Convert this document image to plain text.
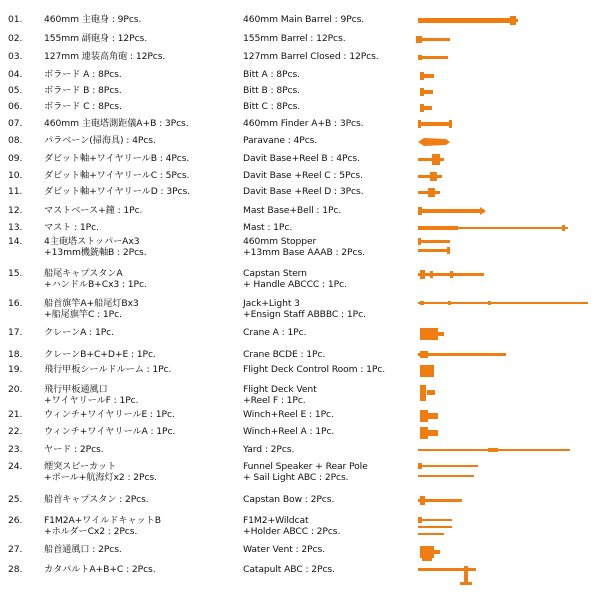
01. 460mm 主砲身 : 9Pcs.	460mm Main Barrel : 9Pcs.
02. 155mm 副砲身 : 12Pcs.	155mm Barrel : 12Pcs.
03. 127mm 連装高角砲 : 12Pcs.	127mm Barrel Closed : 12Pcs.
04. ボラード A : 8Pcs.	Bitt A : 8Pcs.
05. ボラード B : 8Pcs.	Bitt B : 8Pcs.
06. ボラード C : 8Pcs.	Bitt C : 8Pcs.
07. 460mm 主砲塔測距儀A+B : 3Pcs.	460mm Finder A+B : 3Pcs.
08. パラベーン(掃海具) : 4Pcs.	Paravane : 4Pcs.
09. ダビット軸+ワイヤリールB : 4Pcs.	Davit Base+Reel B : 4Pcs.
10. ダビット軸+ワイヤリールC : 5Pcs.	Davit Base +Reel C : 5Pcs.
11. ダビット軸+ワイヤリールD : 3Pcs.	Davit Base +Reel D : 3Pcs.
12. マストベース+鐘 : 1Pc.	Mast Base+Bell : 1Pc.
13. マスト : 1Pc.	Mast : 1Pc.
14. 4主砲塔ストッパーAx3
+13mm機銃軸B : 2Pcs.
460mm Stopper
+13mm Base AAAB : 2Pcs.
15. 船尾キャプスタンA
+ハンドルB+Cx3 : 1Pc.
Capstan Stern
+ Handle ABCCC : 1Pc.
16. 船首旗竿A+船尾灯Bx3
+船尾旗竿C : 1Pc.
Jack+Light 3
+Ensign Staff ABBBC : 1Pc.
17. クレーンA : 1Pc.	Crane A : 1Pc.
18. クレーンB+C+D+E : 1Pc.	Crane BCDE : 1Pc.
19. 飛行甲板シールドルーム : 1Pc.	Flight Deck Control Room : 1Pc.
20. 飛行甲板通風口
+ワイヤリールF : 1Pc.
Flight Deck Vent
+Reel F : 1Pc.
21. ウィンチ+ワイヤリールE : 1Pc.	Winch+Reel E : 1Pc.
22. ウィンチ+ワイヤリールA : 1Pc.	Winch+Reel A : 1Pc.
23. ヤード : 2Pcs.	Yard : 2Pcs.
24. 煙突スピーカット
+ポール+航海灯x2 : 2Pcs.
Funnel Speaker + Rear Pole
+ Sail Light ABC : 2Pcs.
25. 船首キャプスタン : 2Pcs.	Capstan Bow : 2Pcs.
26. F1M2A+ワイルドキャットB
+ホルダーCx2 : 2Pcs.
F1M2+Wildcat
+Holder ABCC : 2Pcs.
27. 船首通風口 : 2Pcs.	Water Vent : 2Pcs.
28. カタパルトA+B+C : 2Pcs.	Catapult ABC : 2Pcs.
